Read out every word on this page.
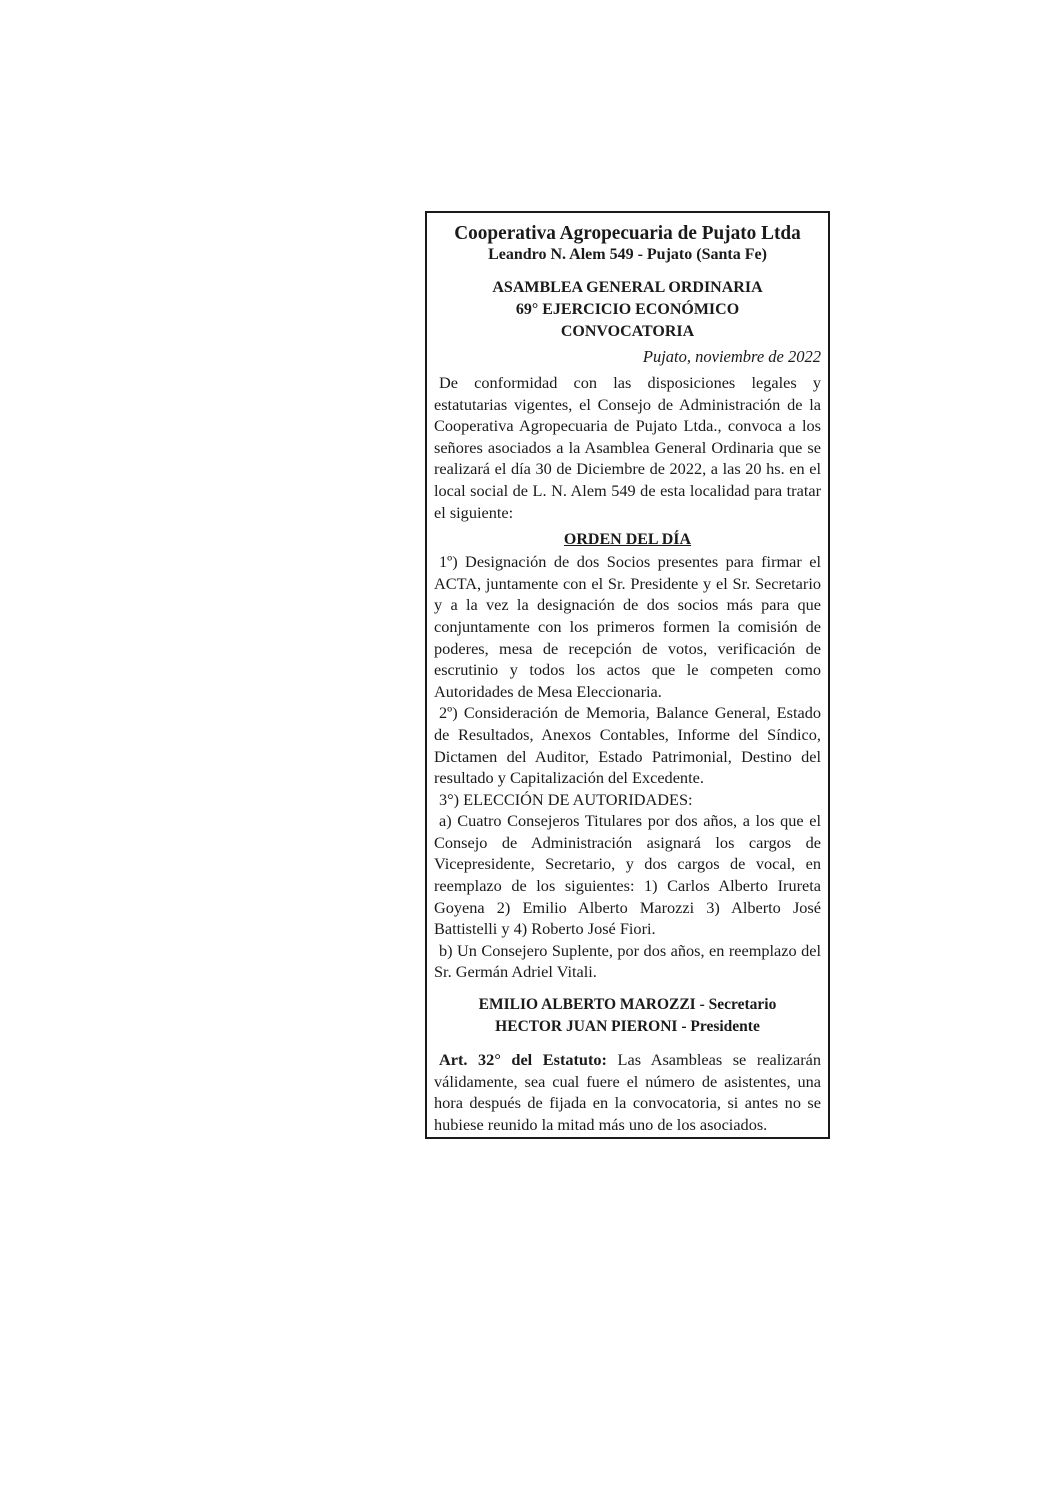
Cooperativa Agropecuaria de Pujato Ltda

Leandro N. Alem 549 - Pujato (Santa Fe)

ASAMBLEA GENERAL ORDINARIA

69° EJERCICIO ECONÓMICO

CONVOCATORIA

Pujato, noviembre de 2022

De conformidad con las disposiciones legales y estatutarias vigentes, el Consejo de Administración de la Cooperativa Agropecuaria de Pujato Ltda., convoca a los señores asociados a la Asamblea General Ordinaria que se realizará el día 30 de Diciembre de 2022, a las 20 hs. en el local social de L. N. Alem 549 de esta localidad para tratar el siguiente:

ORDEN DEL DÍA

1º) Designación de dos Socios presentes para firmar el ACTA, juntamente con el Sr. Presidente y el Sr. Secretario y a la vez la designación de dos socios más para que conjuntamente con los primeros formen la comisión de poderes, mesa de recepción de votos, verificación de escrutinio y todos los actos que le competen como Autoridades de Mesa Eleccionaria.

2º) Consideración de Memoria, Balance General, Estado de Resultados, Anexos Contables, Informe del Síndico, Dictamen del Auditor, Estado Patrimonial, Destino del resultado y Capitalización del Excedente.

3°) ELECCIÓN DE AUTORIDADES:

a) Cuatro Consejeros Titulares por dos años, a los que el Consejo de Administración asignará los cargos de Vicepresidente, Secretario, y dos cargos de vocal, en reemplazo de los siguientes: 1) Carlos Alberto Irureta Goyena 2) Emilio Alberto Marozzi 3) Alberto José Battistelli y 4) Roberto José Fiori.

b) Un Consejero Suplente, por dos años, en reemplazo del Sr. Germán Adriel Vitali.

EMILIO ALBERTO MAROZZI - Secretario

HECTOR JUAN PIERONI - Presidente

Art. 32° del Estatuto: Las Asambleas se realizarán válidamente, sea cual fuere el número de asistentes, una hora después de fijada en la convocatoria, si antes no se hubiese reunido la mitad más uno de los asociados.
